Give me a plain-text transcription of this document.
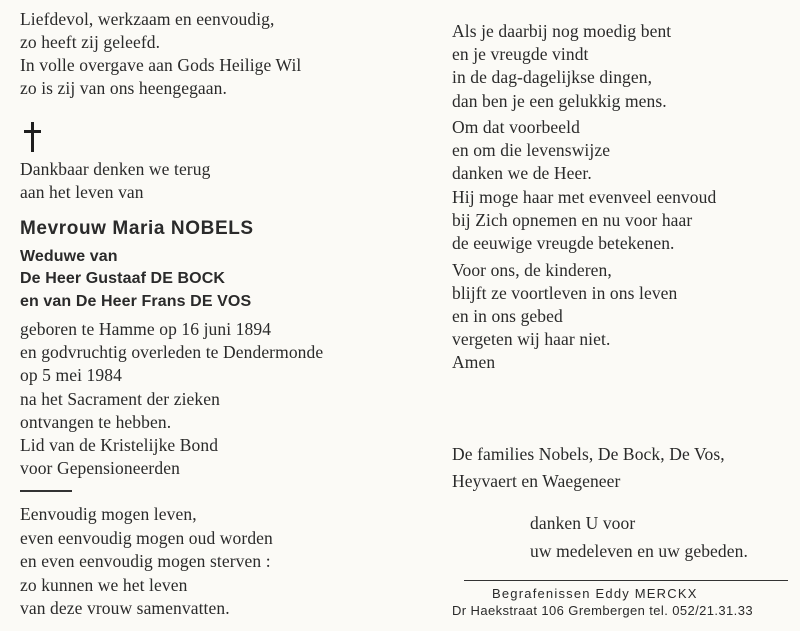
Liefdevol, werkzaam en eenvoudig,
zo heeft zij geleefd.
In volle overgave aan Gods Heilige Wil
zo is zij van ons heengegaan.
Dankbaar denken we terug
aan het leven van
Mevrouw Maria NOBELS
Weduwe van
De Heer Gustaaf DE BOCK
en van De Heer Frans DE VOS
geboren te Hamme op 16 juni 1894
en godvruchtig overleden te Dendermonde
op 5 mei 1984
na het Sacrament der zieken
ontvangen te hebben.
Lid van de Kristelijke Bond
voor Gepensioneerden
Eenvoudig mogen leven,
even eenvoudig mogen oud worden
en even eenvoudig mogen sterven :
zo kunnen we het leven
van deze vrouw samenvatten.
Als je daarbij nog moedig bent
en je vreugde vindt
in de dag-dagelijkse dingen,
dan ben je een gelukkig mens.
Om dat voorbeeld
en om die levenswijze
danken we de Heer.
Hij moge haar met evenveel eenvoud
bij Zich opnemen en nu voor haar
de eeuwige vreugde betekenen.
Voor ons, de kinderen,
blijft ze voortleven in ons leven
en in ons gebed
vergeten wij haar niet.
Amen
De families Nobels, De Bock, De Vos,
Heyvaert en Waegeneer
danken U voor
uw medeleven en uw gebeden.
Begrafenissen Eddy MERCKX
Dr Haekstraat 106 Grembergen tel. 052/21.31.33
